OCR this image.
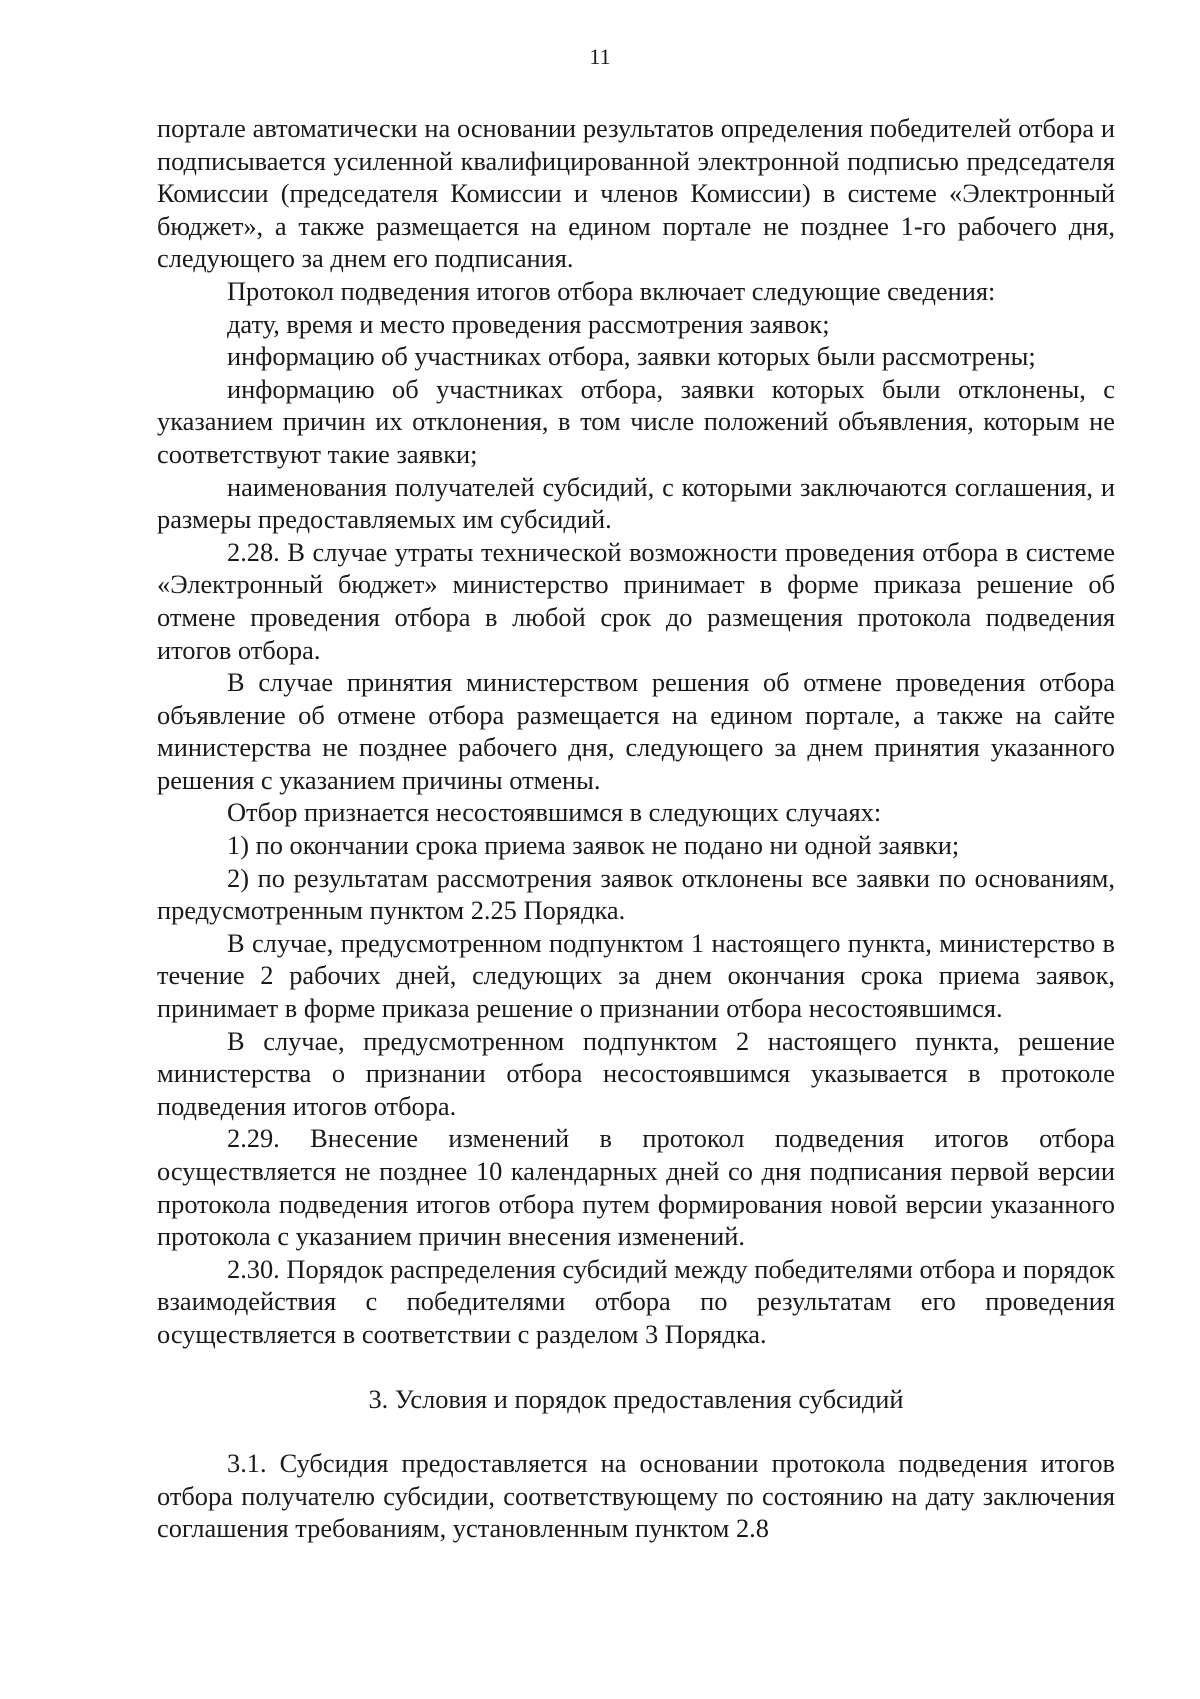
11

портале автоматически на основании результатов определения победителей отбора и подписывается усиленной квалифицированной электронной подписью председателя Комиссии (председателя Комиссии и членов Комиссии) в системе «Электронный бюджет», а также размещается на едином портале не позднее 1-го рабочего дня, следующего за днем его подписания.

Протокол подведения итогов отбора включает следующие сведения:

дату, время и место проведения рассмотрения заявок;

информацию об участниках отбора, заявки которых были рассмотрены;

информацию об участниках отбора, заявки которых были отклонены, с указанием причин их отклонения, в том числе положений объявления, которым не соответствуют такие заявки;

наименования получателей субсидий, с которыми заключаются соглашения, и размеры предоставляемых им субсидий.

2.28. В случае утраты технической возможности проведения отбора в системе «Электронный бюджет» министерство принимает в форме приказа решение об отмене проведения отбора в любой срок до размещения протокола подведения итогов отбора.

В случае принятия министерством решения об отмене проведения отбора объявление об отмене отбора размещается на едином портале, а также на сайте министерства не позднее рабочего дня, следующего за днем принятия указанного решения с указанием причины отмены.

Отбор признается несостоявшимся в следующих случаях:

1) по окончании срока приема заявок не подано ни одной заявки;

2) по результатам рассмотрения заявок отклонены все заявки по основаниям, предусмотренным пунктом 2.25 Порядка.

В случае, предусмотренном подпунктом 1 настоящего пункта, министерство в течение 2 рабочих дней, следующих за днем окончания срока приема заявок, принимает в форме приказа решение о признании отбора несостоявшимся.

В случае, предусмотренном подпунктом 2 настоящего пункта, решение министерства о признании отбора несостоявшимся указывается в протоколе подведения итогов отбора.

2.29. Внесение изменений в протокол подведения итогов отбора осуществляется не позднее 10 календарных дней со дня подписания первой версии протокола подведения итогов отбора путем формирования новой версии указанного протокола с указанием причин внесения изменений.

2.30. Порядок распределения субсидий между победителями отбора и порядок взаимодействия с победителями отбора по результатам его проведения осуществляется в соответствии с разделом 3 Порядка.

3. Условия и порядок предоставления субсидий

3.1. Субсидия предоставляется на основании протокола подведения итогов отбора получателю субсидии, соответствующему по состоянию на дату заключения соглашения требованиям, установленным пунктом 2.8
